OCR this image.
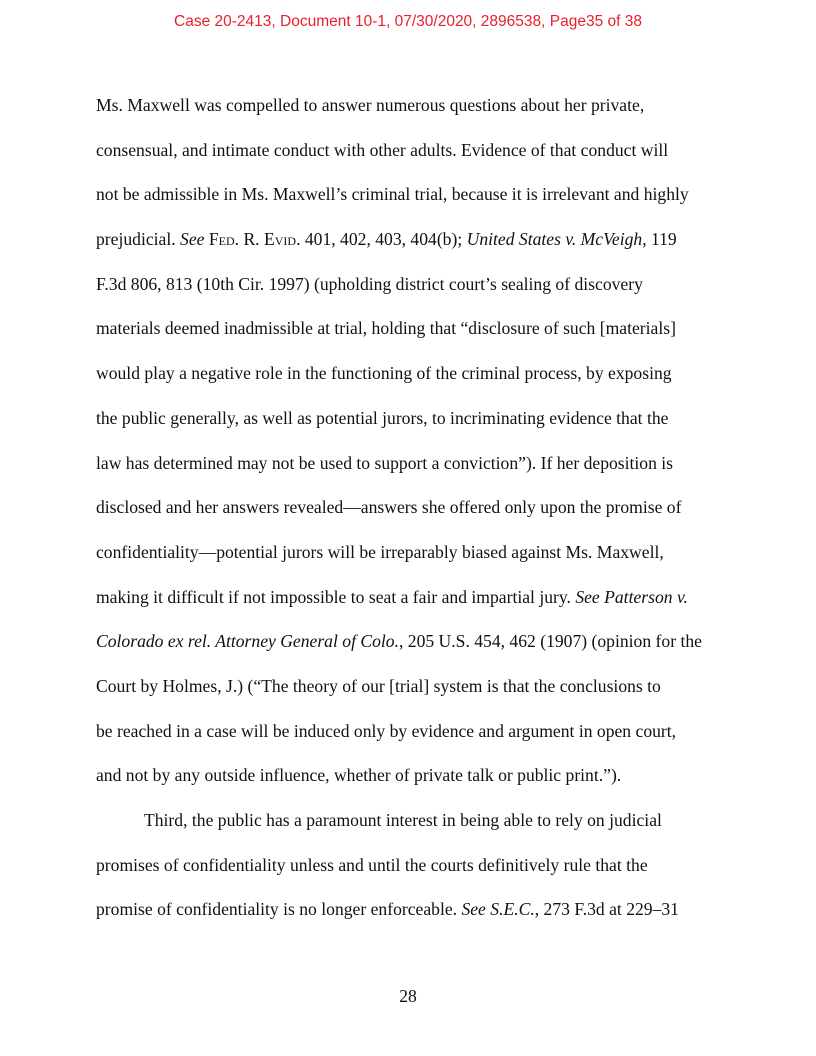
Case 20-2413, Document 10-1, 07/30/2020, 2896538, Page35 of 38
Ms. Maxwell was compelled to answer numerous questions about her private,
consensual, and intimate conduct with other adults. Evidence of that conduct will
not be admissible in Ms. Maxwell’s criminal trial, because it is irrelevant and highly
prejudicial. See Fed. R. Evid. 401, 402, 403, 404(b); United States v. McVeigh, 119
F.3d 806, 813 (10th Cir. 1997) (upholding district court’s sealing of discovery
materials deemed inadmissible at trial, holding that “disclosure of such [materials]
would play a negative role in the functioning of the criminal process, by exposing
the public generally, as well as potential jurors, to incriminating evidence that the
law has determined may not be used to support a conviction”). If her deposition is
disclosed and her answers revealed—answers she offered only upon the promise of
confidentiality—potential jurors will be irreparably biased against Ms. Maxwell,
making it difficult if not impossible to seat a fair and impartial jury. See Patterson v.
Colorado ex rel. Attorney General of Colo., 205 U.S. 454, 462 (1907) (opinion for the
Court by Holmes, J.) (“The theory of our [trial] system is that the conclusions to
be reached in a case will be induced only by evidence and argument in open court,
and not by any outside influence, whether of private talk or public print.”).
Third, the public has a paramount interest in being able to rely on judicial
promises of confidentiality unless and until the courts definitively rule that the
promise of confidentiality is no longer enforceable. See S.E.C., 273 F.3d at 229–31
28
